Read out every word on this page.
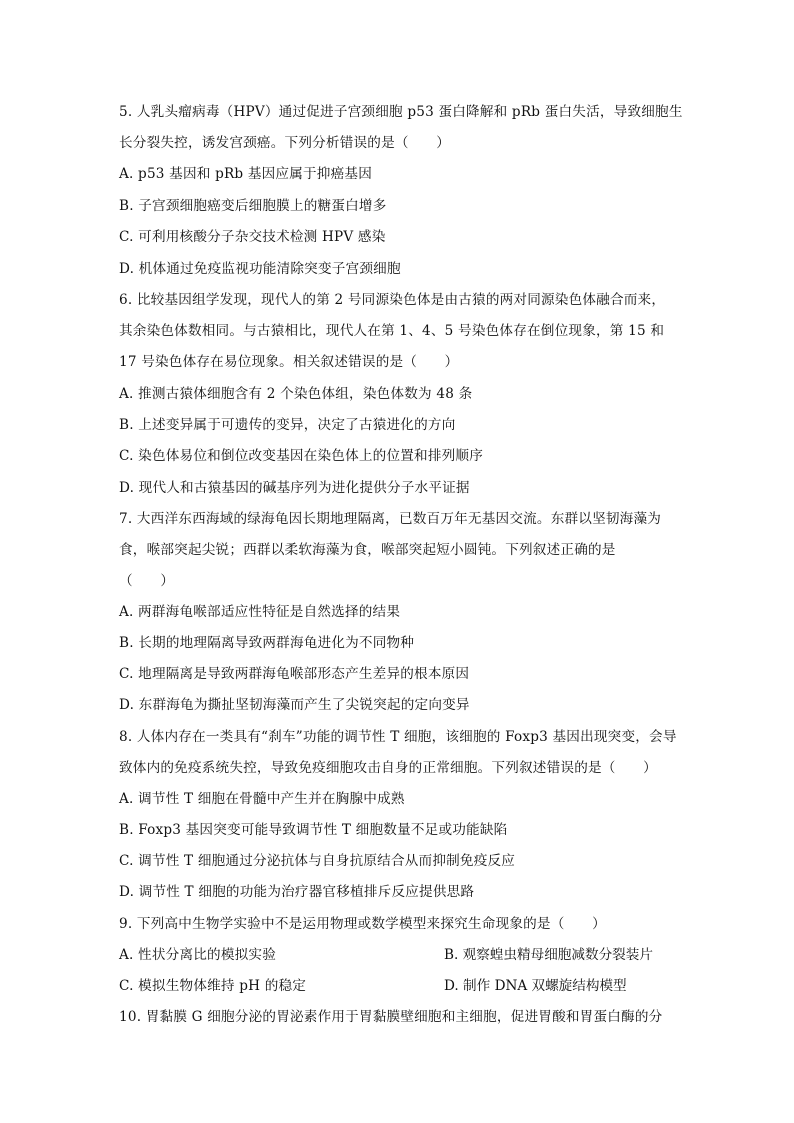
5. 人乳头瘤病毒（HPV）通过促进子宫颈细胞 p53 蛋白降解和 pRb 蛋白失活，导致细胞生
长分裂失控，诱发宫颈癌。下列分析错误的是（　　）
A. p53 基因和 pRb 基因应属于抑癌基因
B. 子宫颈细胞癌变后细胞膜上的糖蛋白增多
C. 可利用核酸分子杂交技术检测 HPV 感染
D. 机体通过免疫监视功能清除突变子宫颈细胞
6. 比较基因组学发现，现代人的第 2 号同源染色体是由古猿的两对同源染色体融合而来，
其余染色体数相同。与古猿相比，现代人在第 1、4、5 号染色体存在倒位现象，第 15 和
17 号染色体存在易位现象。相关叙述错误的是（　　）
A. 推测古猿体细胞含有 2 个染色体组，染色体数为 48 条
B. 上述变异属于可遗传的变异，决定了古猿进化的方向
C. 染色体易位和倒位改变基因在染色体上的位置和排列顺序
D. 现代人和古猿基因的碱基序列为进化提供分子水平证据
7. 大西洋东西海域的绿海龟因长期地理隔离，已数百万年无基因交流。东群以坚韧海藻为
食，喉部突起尖锐；西群以柔软海藻为食，喉部突起短小圆钝。下列叙述正确的是
（　　）
A. 两群海龟喉部适应性特征是自然选择的结果
B. 长期的地理隔离导致两群海龟进化为不同物种
C. 地理隔离是导致两群海龟喉部形态产生差异的根本原因
D. 东群海龟为撕扯坚韧海藻而产生了尖锐突起的定向变异
8. 人体内存在一类具有“刹车”功能的调节性 T 细胞，该细胞的 Foxp3 基因出现突变，会导
致体内的免疫系统失控，导致免疫细胞攻击自身的正常细胞。下列叙述错误的是（　　）
A. 调节性 T 细胞在骨髓中产生并在胸腺中成熟
B. Foxp3 基因突变可能导致调节性 T 细胞数量不足或功能缺陷
C. 调节性 T 细胞通过分泌抗体与自身抗原结合从而抑制免疫反应
D. 调节性 T 细胞的功能为治疗器官移植排斥反应提供思路
9. 下列高中生物学实验中不是运用物理或数学模型来探究生命现象的是（　　）
A. 性状分离比的模拟实验	B. 观察蝗虫精母细胞减数分裂装片
C. 模拟生物体维持 pH 的稳定	D. 制作 DNA 双螺旋结构模型
10. 胃黏膜 G 细胞分泌的胃泌素作用于胃黏膜壁细胞和主细胞，促进胃酸和胃蛋白酶的分
